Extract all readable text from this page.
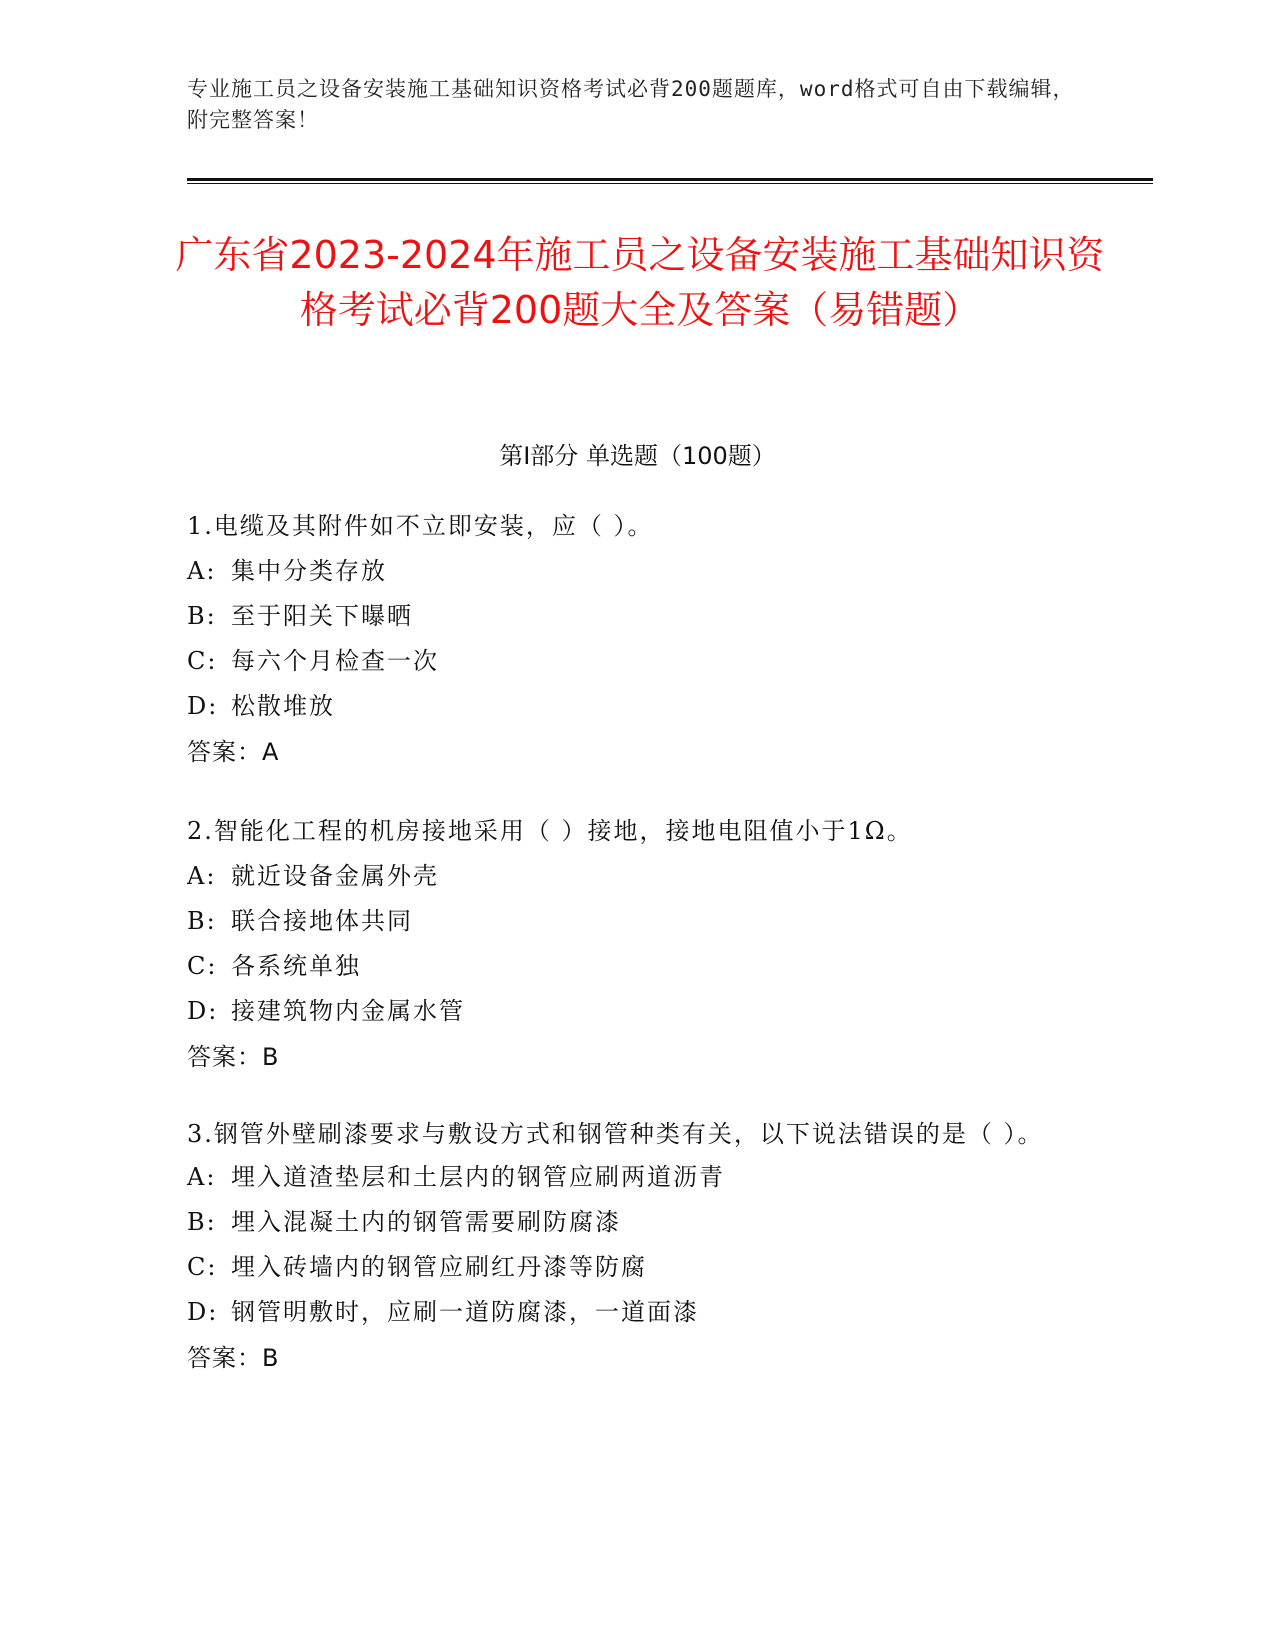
专业施工员之设备安装施工基础知识资格考试必背200题题库，word格式可自由下载编辑，附完整答案！
广东省2023-2024年施工员之设备安装施工基础知识资格考试必背200题大全及答案（易错题）
第I部分 单选题（100题）
1.电缆及其附件如不立即安装，应（ ）。
A: 集中分类存放
B: 至于阳关下曝晒
C: 每六个月检查一次
D: 松散堆放
答案：A
2.智能化工程的机房接地采用（ ）接地，接地电阻值小于1Ω。
A: 就近设备金属外壳
B: 联合接地体共同
C: 各系统单独
D: 接建筑物内金属水管
答案：B
3.钢管外壁刷漆要求与敷设方式和钢管种类有关，以下说法错误的是（ ）。
A: 埋入道渣垫层和土层内的钢管应刷两道沥青
B: 埋入混凝土内的钢管需要刷防腐漆
C: 埋入砖墙内的钢管应刷红丹漆等防腐
D: 钢管明敷时，应刷一道防腐漆，一道面漆
答案：B
